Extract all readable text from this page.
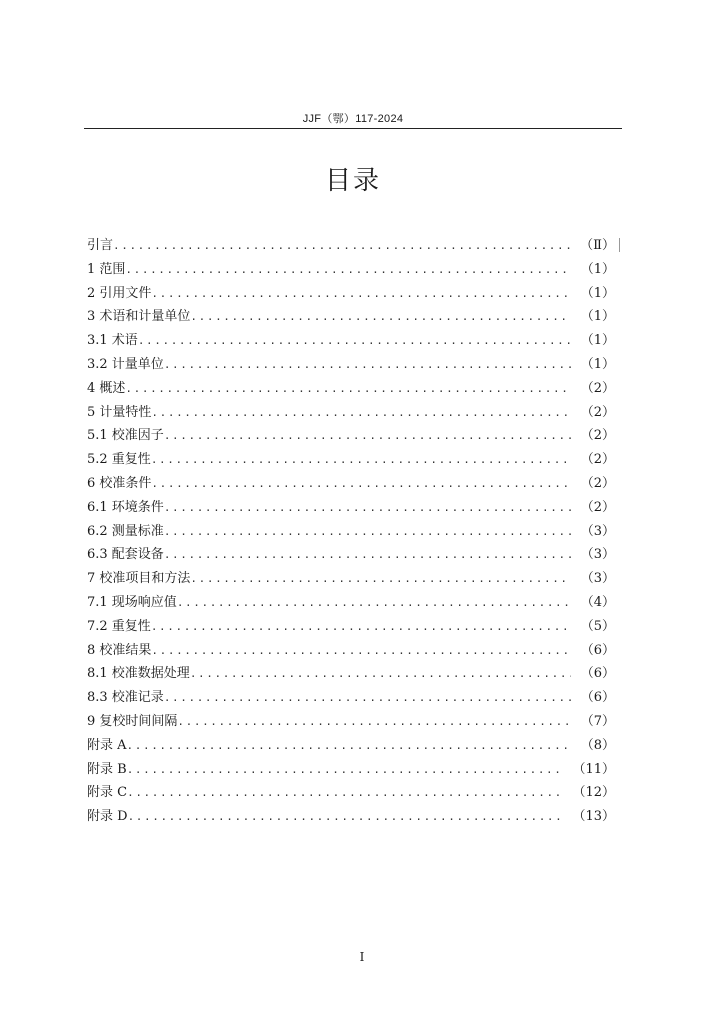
JJF（鄂）117-2024
目录
引言 .....	（Ⅱ）
1 范围 .....	（1）
2 引用文件 .....	（1）
3 术语和计量单位 .....	（1）
3.1 术语 .....	（1）
3.2 计量单位 .....	（1）
4 概述 .....	（2）
5 计量特性 .....	（2）
5.1 校准因子 .....	（2）
5.2 重复性 .....	（2）
6 校准条件 .....	（2）
6.1 环境条件 .....	（2）
6.2 测量标准 .....	（3）
6.3 配套设备 .....	（3）
7 校准项目和方法 .....	（3）
7.1 现场响应值 .....	（4）
7.2 重复性 .....	（5）
8 校准结果 .....	（6）
8.1 校准数据处理 .....	（6）
8.3 校准记录 .....	（6）
9 复校时间间隔 .....	（7）
附录 A .....	（8）
附录 B .....	（11）
附录 C .....	（12）
附录 D .....	（13）
I
